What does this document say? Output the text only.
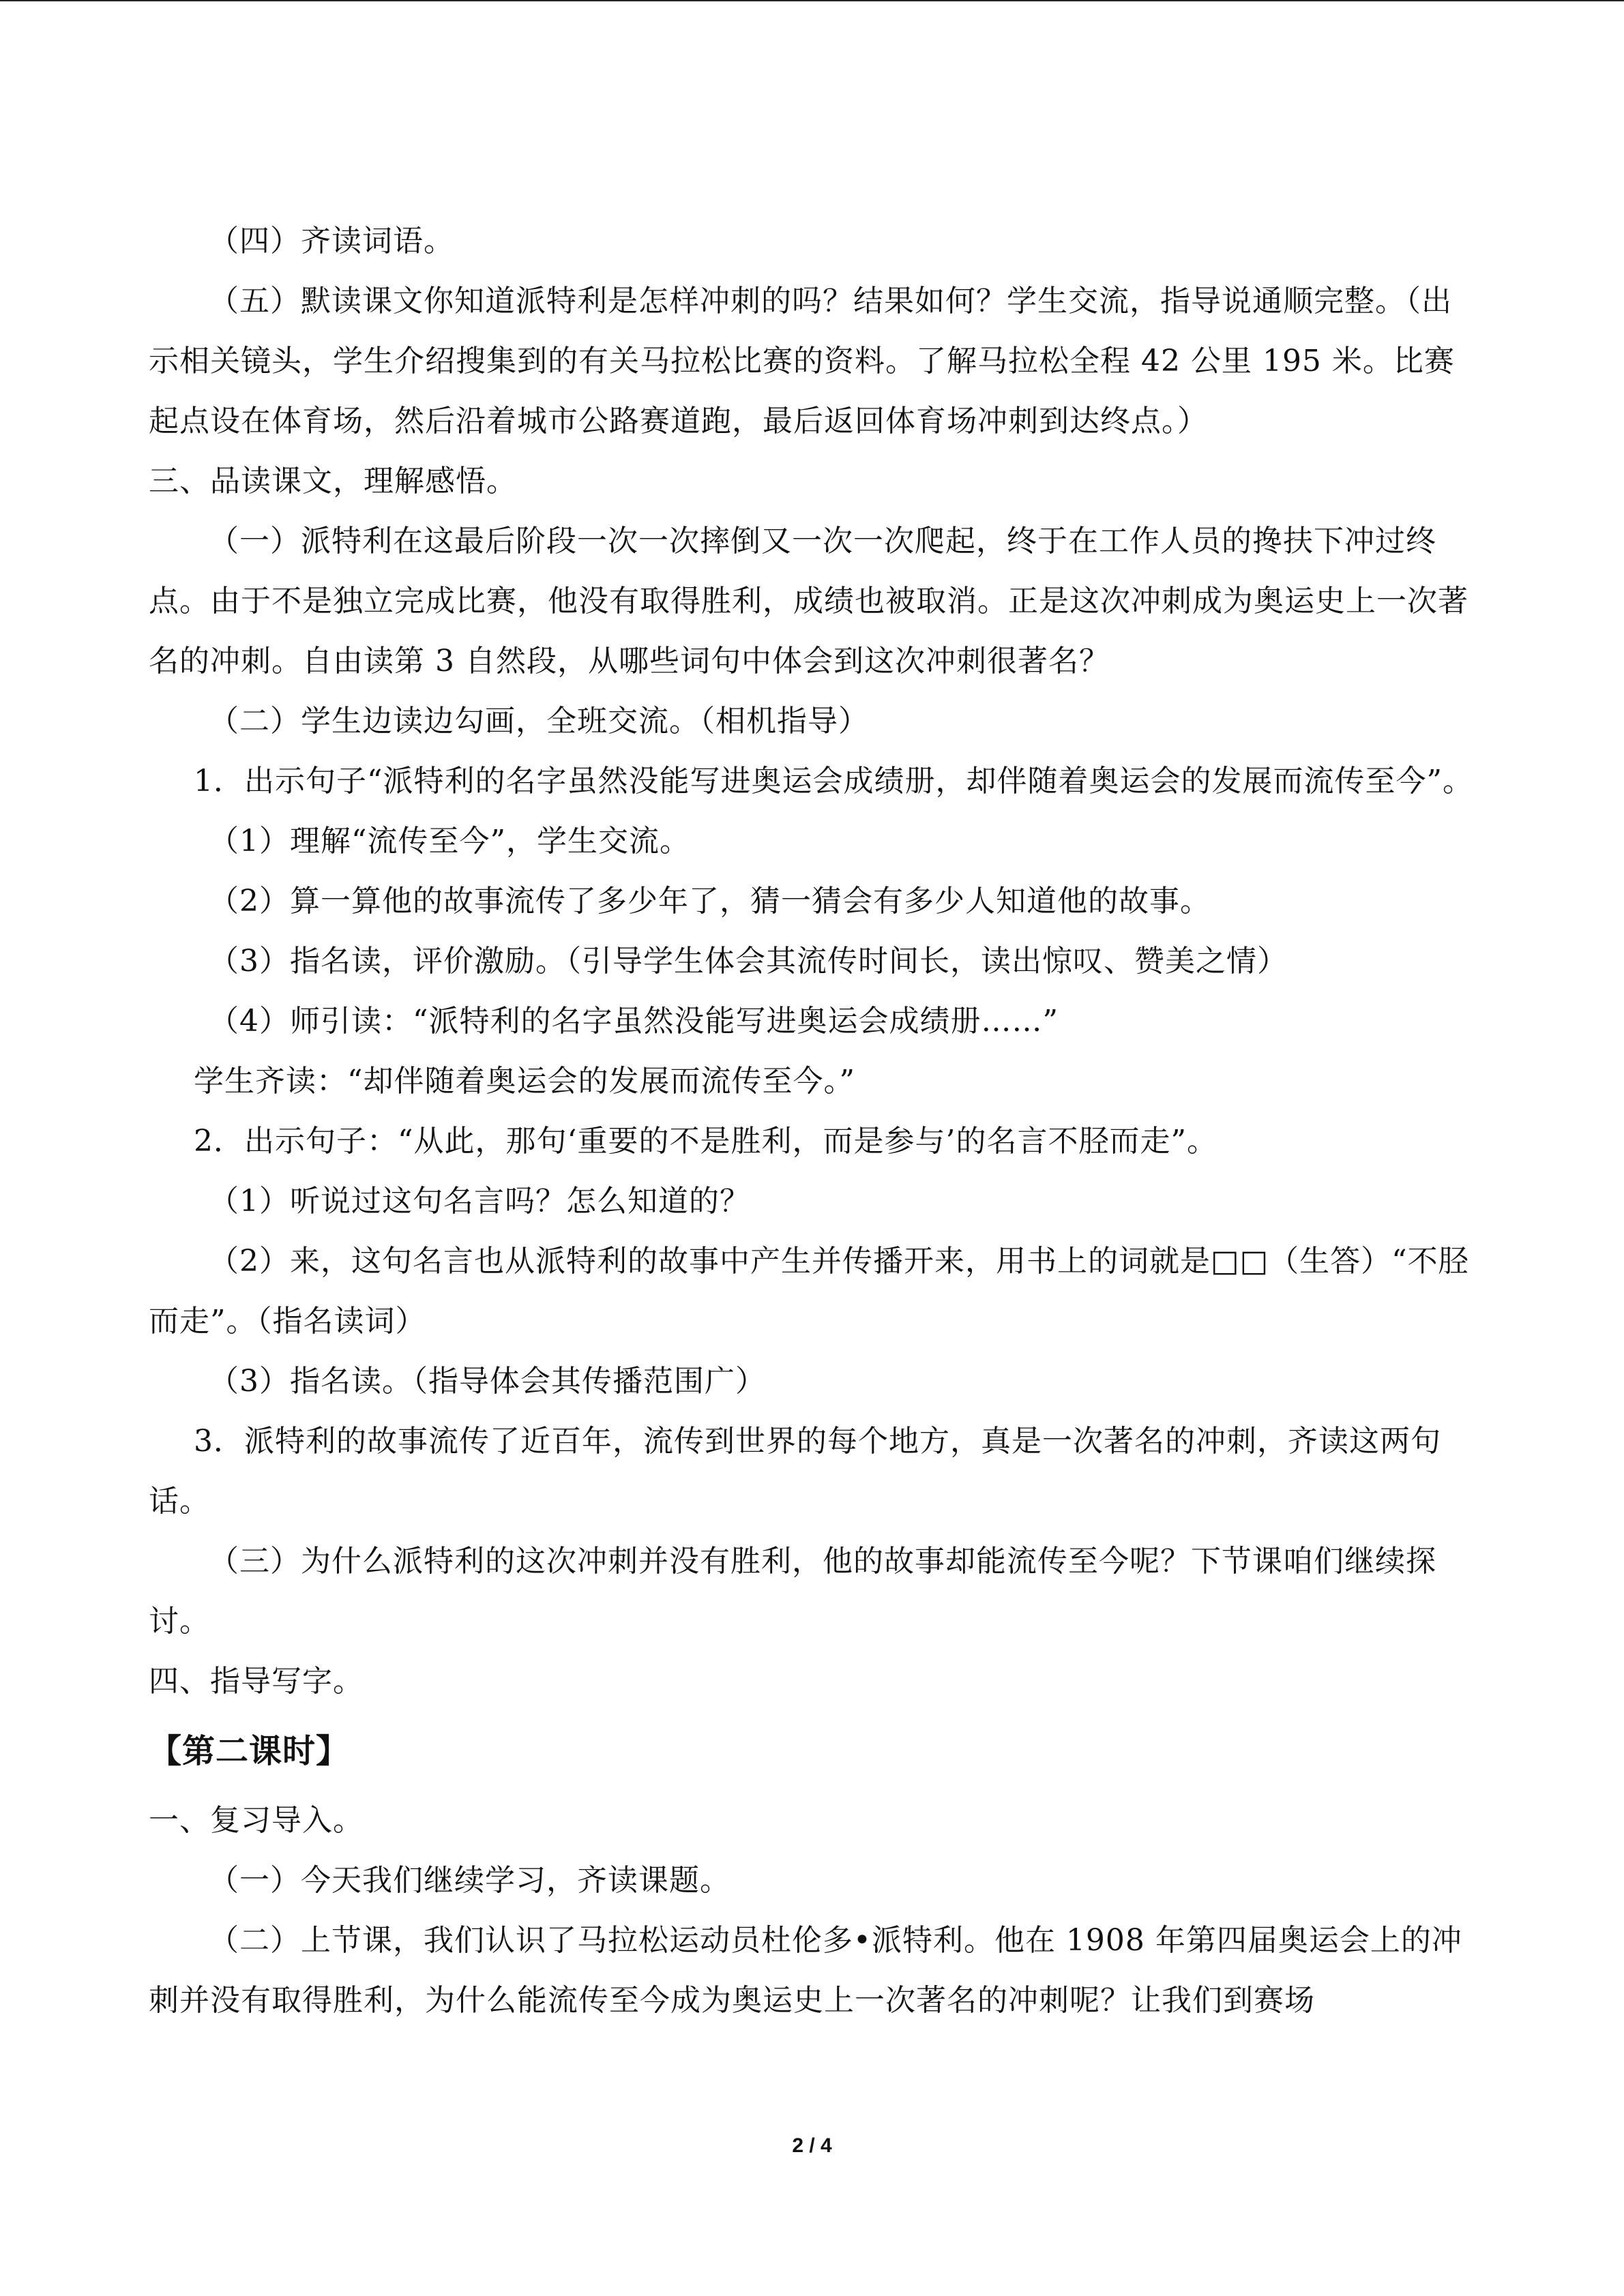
（四）齐读词语。

（五）默读课文你知道派特利是怎样冲刺的吗？结果如何？学生交流，指导说通顺完整。（出示相关镜头，学生介绍搜集到的有关马拉松比赛的资料。了解马拉松全程 42 公里 195 米。比赛起点设在体育场，然后沿着城市公路赛道跑，最后返回体育场冲刺到达终点。）

三、品读课文，理解感悟。

（一）派特利在这最后阶段一次一次摔倒又一次一次爬起，终于在工作人员的搀扶下冲过终点。由于不是独立完成比赛，他没有取得胜利，成绩也被取消。正是这次冲刺成为奥运史上一次著名的冲刺。自由读第 3 自然段，从哪些词句中体会到这次冲刺很著名？

（二）学生边读边勾画，全班交流。（相机指导）

1．出示句子“派特利的名字虽然没能写进奥运会成绩册，却伴随着奥运会的发展而流传至今”。

（1）理解“流传至今”，学生交流。

（2）算一算他的故事流传了多少年了，猜一猜会有多少人知道他的故事。

（3）指名读，评价激励。（引导学生体会其流传时间长，读出惊叹、赞美之情）

（4）师引读：“派特利的名字虽然没能写进奥运会成绩册……”

学生齐读：“却伴随着奥运会的发展而流传至今。”

2．出示句子：“从此，那句‘重要的不是胜利，而是参与’的名言不胫而走”。

（1）听说过这句名言吗？怎么知道的？

（2）来，这句名言也从派特利的故事中产生并传播开来，用书上的词就是□□（生答）“不胫而走”。（指名读词）

（3）指名读。（指导体会其传播范围广）

3．派特利的故事流传了近百年，流传到世界的每个地方，真是一次著名的冲刺，齐读这两句话。

（三）为什么派特利的这次冲刺并没有胜利，他的故事却能流传至今呢？下节课咱们继续探讨。

四、指导写字。

【第二课时】

一、复习导入。

（一）今天我们继续学习，齐读课题。

（二）上节课，我们认识了马拉松运动员杜伦多•派特利。他在 1908 年第四届奥运会上的冲刺并没有取得胜利，为什么能流传至今成为奥运史上一次著名的冲刺呢？让我们到赛场

2 / 4
